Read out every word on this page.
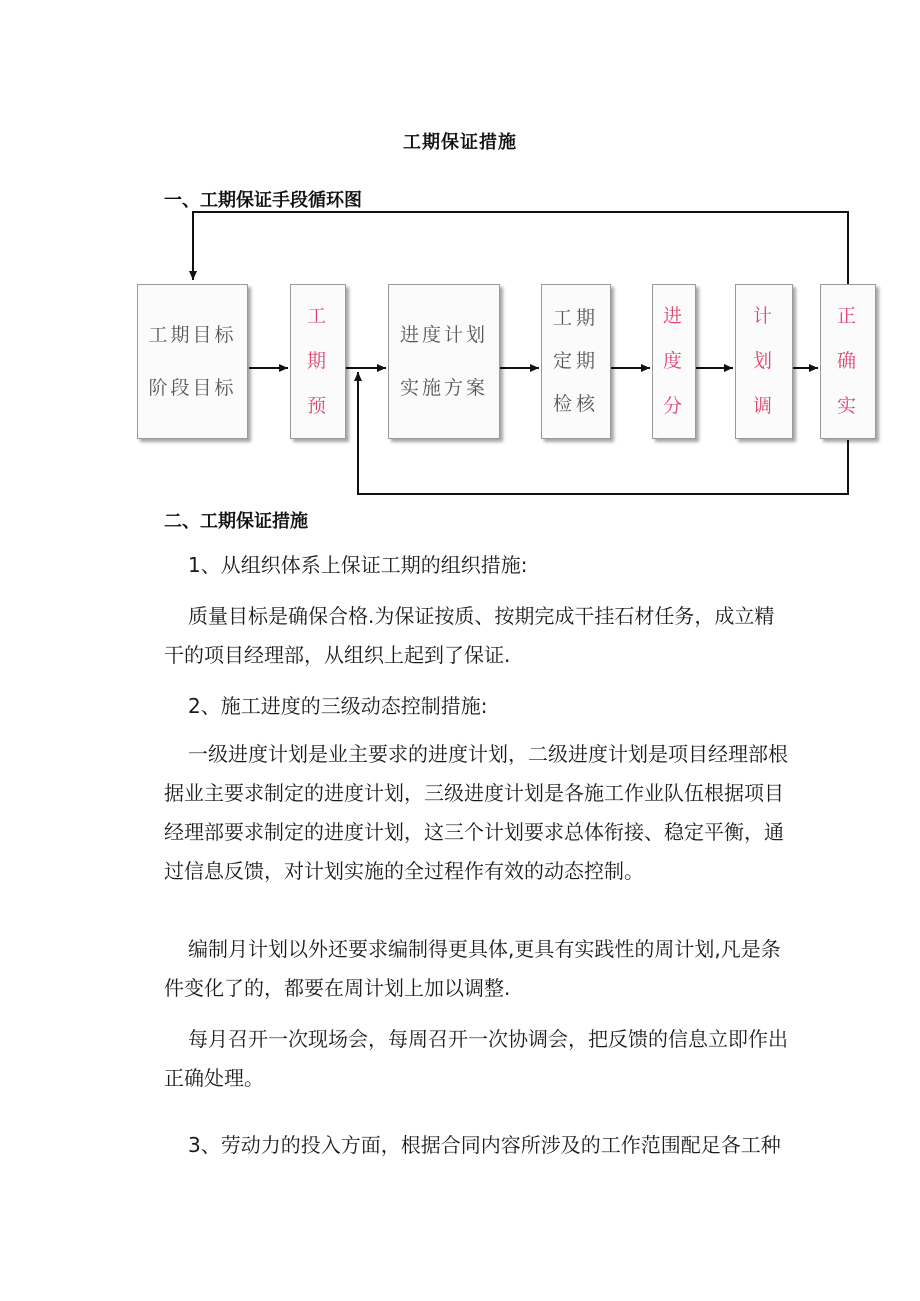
工期保证措施
一、工期保证手段循环图
工期目标
阶段目标
工
期
预
进度计划
实施方案
工期
定期
检核
进
度
分
计
划
调
正
确
实
二、工期保证措施

1、从组织体系上保证工期的组织措施:

质量目标是确保合格.为保证按质、按期完成干挂石材任务，成立精干的项目经理部，从组织上起到了保证.

2、施工进度的三级动态控制措施:

一级进度计划是业主要求的进度计划，二级进度计划是项目经理部根据业主要求制定的进度计划，三级进度计划是各施工作业队伍根据项目经理部要求制定的进度计划，这三个计划要求总体衔接、稳定平衡，通过信息反馈，对计划实施的全过程作有效的动态控制。

编制月计划以外还要求编制得更具体,更具有实践性的周计划,凡是条件变化了的，都要在周计划上加以调整.

每月召开一次现场会，每周召开一次协调会，把反馈的信息立即作出正确处理。

3、劳动力的投入方面，根据合同内容所涉及的工作范围配足各工种
